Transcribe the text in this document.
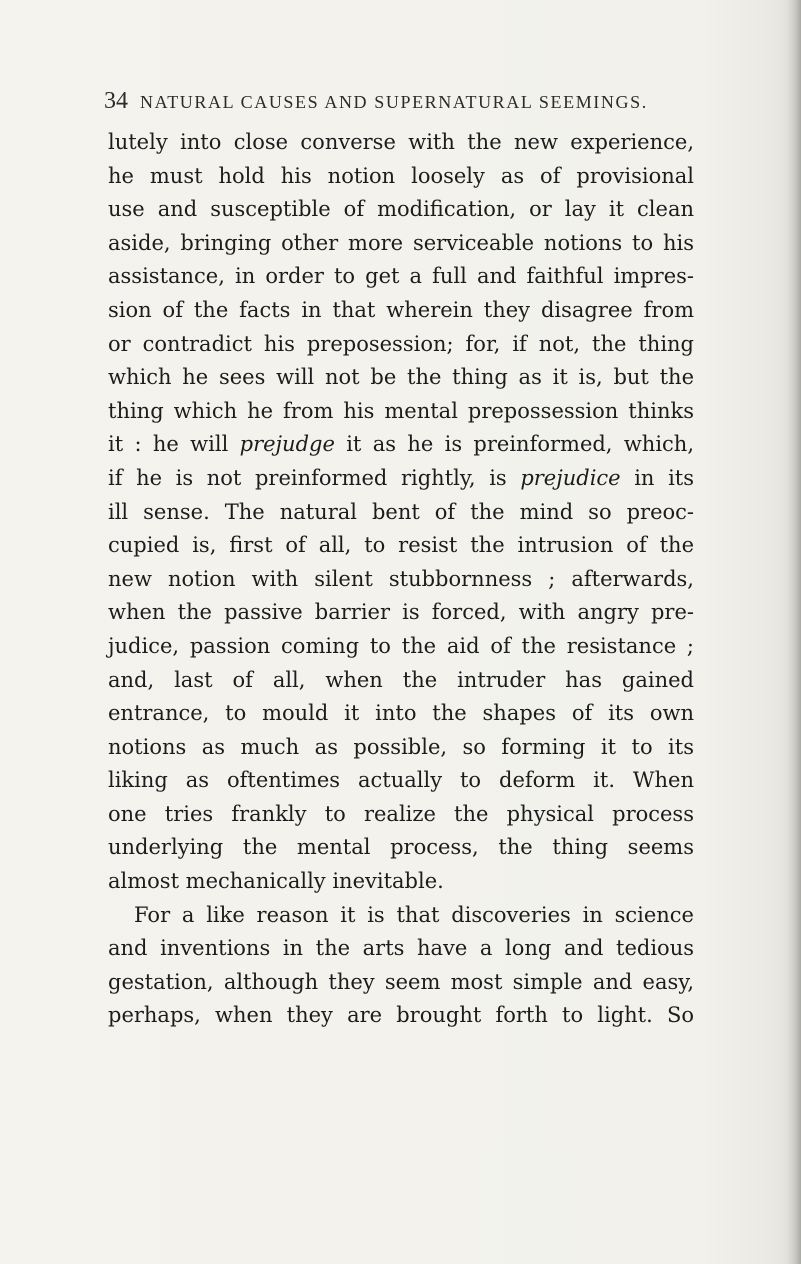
34 NATURAL CAUSES AND SUPERNATURAL SEEMINGS.
lutely into close converse with the new experience,
he must hold his notion loosely as of provisional
use and susceptible of modification, or lay it clean
aside, bringing other more serviceable notions to his
assistance, in order to get a full and faithful impres-
sion of the facts in that wherein they disagree from
or contradict his preposession; for, if not, the thing
which he sees will not be the thing as it is, but the
thing which he from his mental prepossession thinks
it : he will prejudge it as he is preinformed, which,
if he is not preinformed rightly, is prejudice in its
ill sense. The natural bent of the mind so preoc-
cupied is, first of all, to resist the intrusion of the
new notion with silent stubbornness ; afterwards,
when the passive barrier is forced, with angry pre-
judice, passion coming to the aid of the resistance ;
and, last of all, when the intruder has gained
entrance, to mould it into the shapes of its own
notions as much as possible, so forming it to its
liking as oftentimes actually to deform it. When
one tries frankly to realize the physical process
underlying the mental process, the thing seems
almost mechanically inevitable.
For a like reason it is that discoveries in science
and inventions in the arts have a long and tedious
gestation, although they seem most simple and easy,
perhaps, when they are brought forth to light. So
